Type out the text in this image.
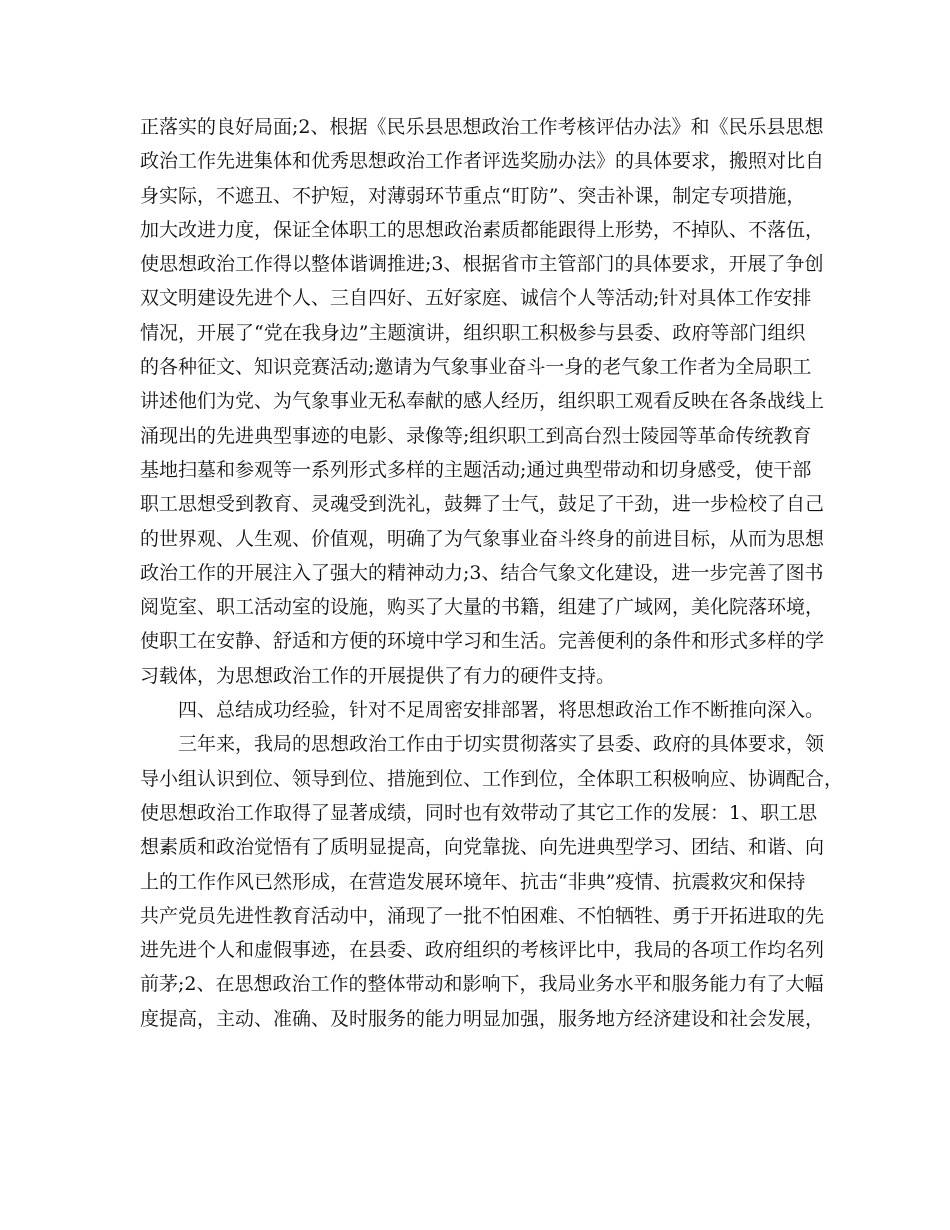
正落实的良好局面;2、根据《民乐县思想政治工作考核评估办法》和《民乐县思想
政治工作先进集体和优秀思想政治工作者评选奖励办法》的具体要求，搬照对比自
身实际，不遮丑、不护短，对薄弱环节重点“盯防”、突击补课，制定专项措施，
加大改进力度，保证全体职工的思想政治素质都能跟得上形势，不掉队、不落伍，
使思想政治工作得以整体谐调推进;3、根据省市主管部门的具体要求，开展了争创
双文明建设先进个人、三自四好、五好家庭、诚信个人等活动;针对具体工作安排
情况，开展了“党在我身边”主题演讲，组织职工积极参与县委、政府等部门组织
的各种征文、知识竞赛活动;邀请为气象事业奋斗一身的老气象工作者为全局职工
讲述他们为党、为气象事业无私奉献的感人经历，组织职工观看反映在各条战线上
涌现出的先进典型事迹的电影、录像等;组织职工到高台烈士陵园等革命传统教育
基地扫墓和参观等一系列形式多样的主题活动;通过典型带动和切身感受，使干部
职工思想受到教育、灵魂受到洗礼，鼓舞了士气，鼓足了干劲，进一步检校了自己
的世界观、人生观、价值观，明确了为气象事业奋斗终身的前进目标，从而为思想
政治工作的开展注入了强大的精神动力;3、结合气象文化建设，进一步完善了图书
阅览室、职工活动室的设施，购买了大量的书籍，组建了广域网，美化院落环境，
使职工在安静、舒适和方便的环境中学习和生活。完善便利的条件和形式多样的学
习载体，为思想政治工作的开展提供了有力的硬件支持。
四、总结成功经验，针对不足周密安排部署，将思想政治工作不断推向深入。
三年来，我局的思想政治工作由于切实贯彻落实了县委、政府的具体要求，领
导小组认识到位、领导到位、措施到位、工作到位，全体职工积极响应、协调配合，
使思想政治工作取得了显著成绩，同时也有效带动了其它工作的发展：1、职工思
想素质和政治觉悟有了质明显提高，向党靠拢、向先进典型学习、团结、和谐、向
上的工作作风已然形成，在营造发展环境年、抗击“非典”疫情、抗震救灾和保持
共产党员先进性教育活动中，涌现了一批不怕困难、不怕牺牲、勇于开拓进取的先
进先进个人和虚假事迹，在县委、政府组织的考核评比中，我局的各项工作均名列
前茅;2、在思想政治工作的整体带动和影响下，我局业务水平和服务能力有了大幅
度提高，主动、准确、及时服务的能力明显加强，服务地方经济建设和社会发展，
